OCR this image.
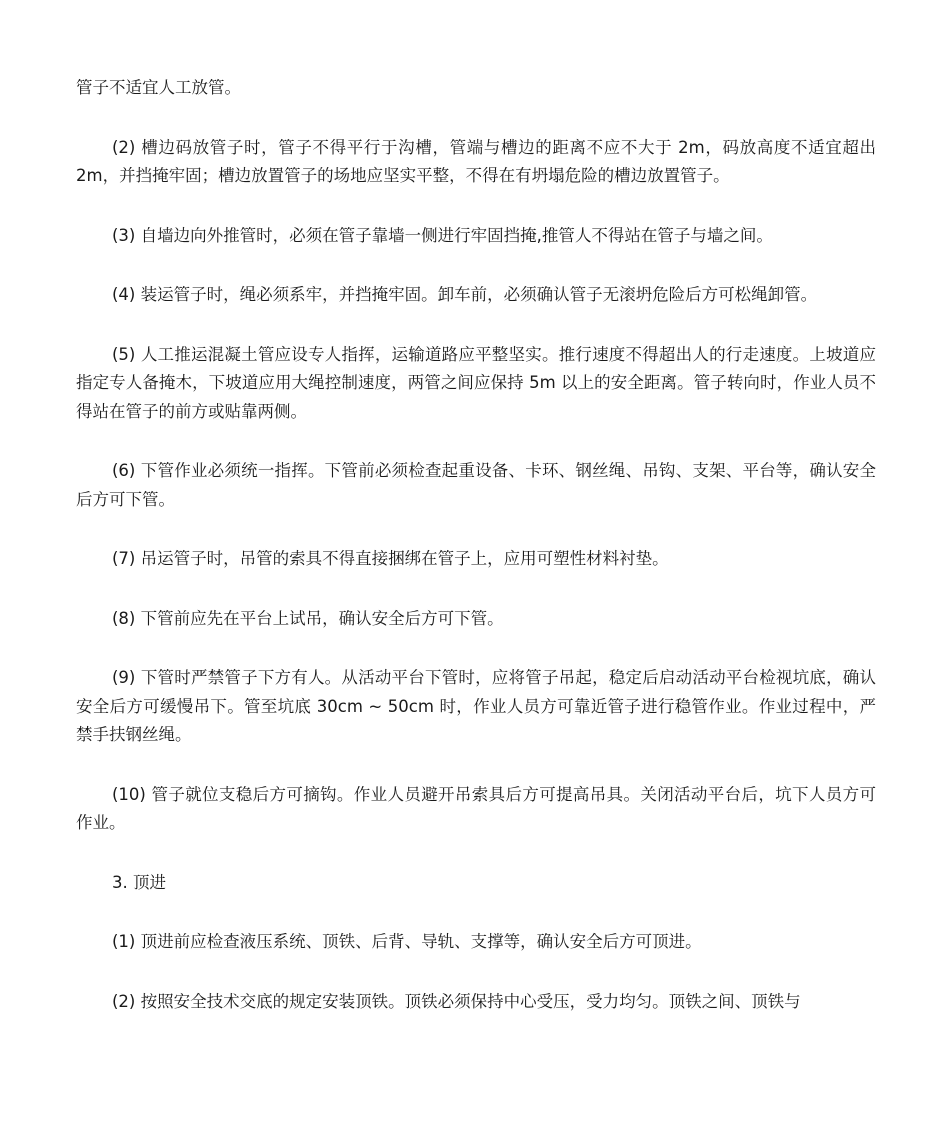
管子不适宜人工放管。

(2) 槽边码放管子时，管子不得平行于沟槽，管端与槽边的距离不应不大于 2m，码放高度不适宜超出 2m，并挡掩牢固；槽边放置管子的场地应坚实平整，不得在有坍塌危险的槽边放置管子。

(3) 自墙边向外推管时，必须在管子靠墙一侧进行牢固挡掩,推管人不得站在管子与墙之间。

(4) 装运管子时，绳必须系牢，并挡掩牢固。卸车前，必须确认管子无滚坍危险后方可松绳卸管。

(5) 人工推运混凝土管应设专人指挥，运输道路应平整坚实。推行速度不得超出人的行走速度。上坡道应指定专人备掩木，下坡道应用大绳控制速度，两管之间应保持 5m 以上的安全距离。管子转向时，作业人员不得站在管子的前方或贴靠两侧。

(6) 下管作业必须统一指挥。下管前必须检查起重设备、卡环、钢丝绳、吊钩、支架、平台等，确认安全后方可下管。

(7) 吊运管子时，吊管的索具不得直接捆绑在管子上，应用可塑性材料衬垫。

(8) 下管前应先在平台上试吊，确认安全后方可下管。

(9) 下管时严禁管子下方有人。从活动平台下管时，应将管子吊起，稳定后启动活动平台检视坑底，确认安全后方可缓慢吊下。管至坑底 30cm ~ 50cm 时，作业人员方可靠近管子进行稳管作业。作业过程中，严禁手扶钢丝绳。

(10) 管子就位支稳后方可摘钩。作业人员避开吊索具后方可提高吊具。关闭活动平台后，坑下人员方可作业。

3. 顶进

(1) 顶进前应检查液压系统、顶铁、后背、导轨、支撑等，确认安全后方可顶进。

(2) 按照安全技术交底的规定安装顶铁。顶铁必须保持中心受压，受力均匀。顶铁之间、顶铁与
